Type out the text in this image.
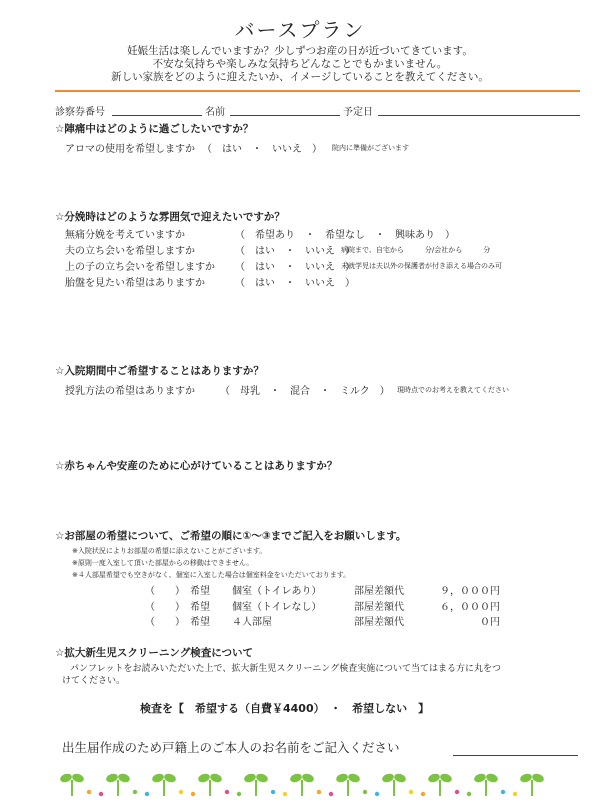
バースプラン
妊娠生活は楽しんでいますか？少しずつお産の日が近づいてきています。
不安な気持ちや楽しみな気持ちどんなことでもかまいません。
新しい家族をどのように迎えたいか、イメージしていることを教えてください。
診察券番号	名前	予定日
☆陣痛中はどのように過ごしたいですか？
アロマの使用を希望しますか （　はい　・　いいえ　） 院内に準備がございます
☆分娩時はどのような雰囲気で迎えたいですか？
無痛分娩を考えていますか	（　希望あり　・　希望なし　・　興味あり　）
夫の立ち会いを希望しますか	（　はい　・　いいえ　）
病院まで、自宅から　　　分/会社から　　　分
上の子の立ち会いを希望しますか （　はい　・　いいえ　）
未就学児は夫以外の保護者が付き添える場合のみ可
胎盤を見たい希望はありますか	（　はい　・　いいえ　）
☆入院期間中ご希望することはありますか？
授乳方法の希望はありますか	（　母乳　・　混合　・　ミルク　） 現時点でのお考えを教えてください
☆赤ちゃんや安産のために心がけていることはありますか？
☆お部屋の希望について、ご希望の順に①～③までご記入をお願いします。
※入院状況によりお部屋の希望に添えないことがございます。
※原則一度入室して頂いた部屋からの移動はできません。
※４人部屋希望でも空きがなく、個室に入室した場合は個室料金をいただいております。
（　　） 希望 個室（トイレあり）	部屋差額代	９，０００円
（　　） 希望 個室（トイレなし）	部屋差額代	６，０００円
（　　） 希望 ４人部屋	部屋差額代	０円
☆拡大新生児スクリーニング検査について
パンフレットをお読みいただいた上で、拡大新生児スクリーニング検査実施について当てはまる方に丸をつ
けてください。
検査を【　希望する（自費￥4400）　・　希望しない　】
出生届作成のため戸籍上のご本人のお名前をご記入ください
